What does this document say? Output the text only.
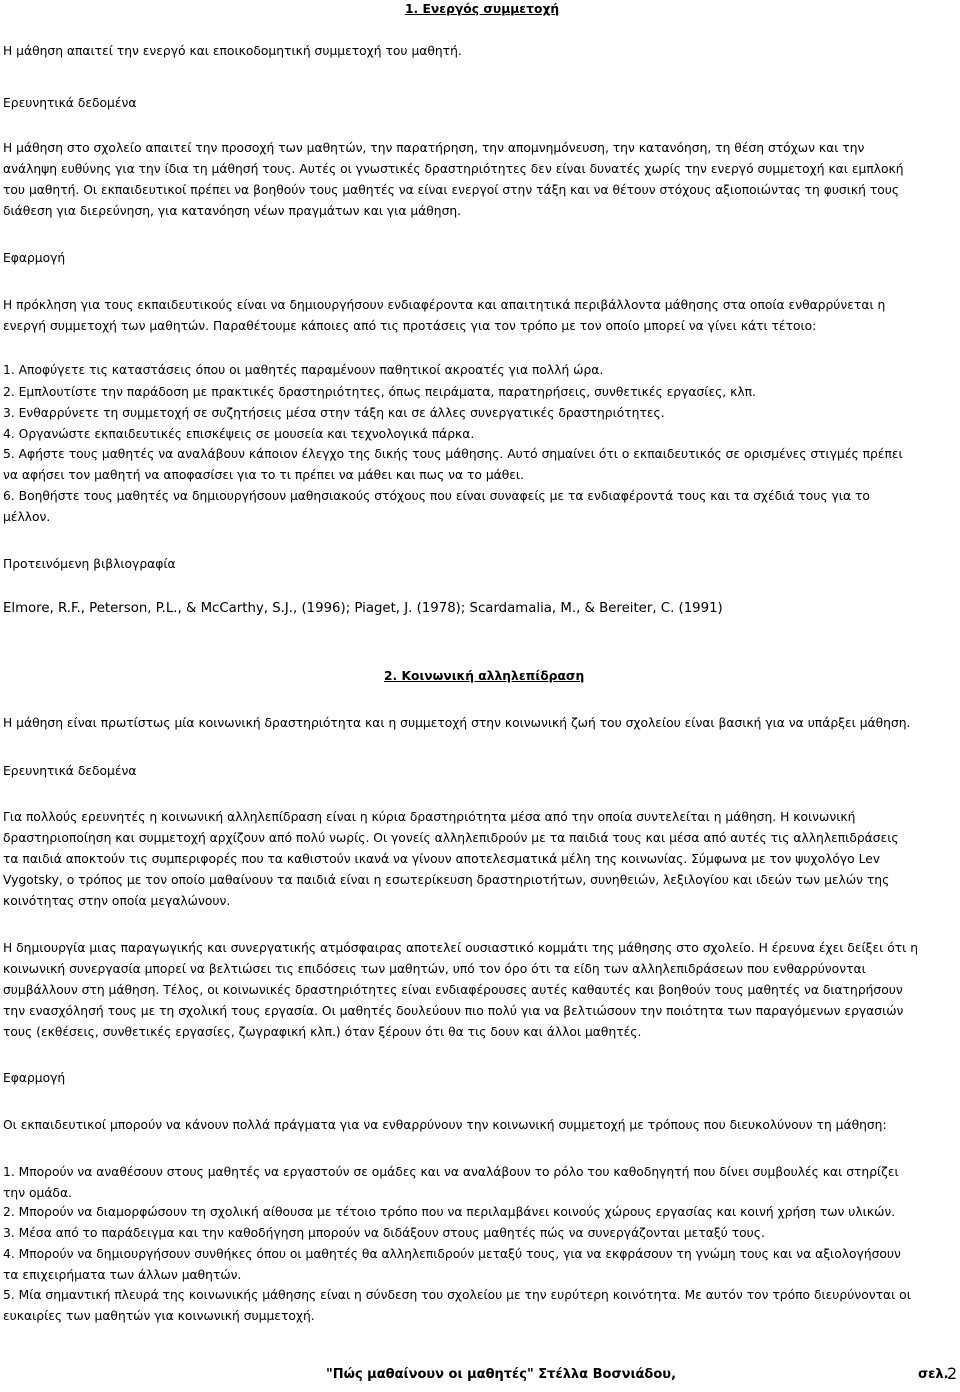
1. Ενεργός συμμετοχή
Η μάθηση απαιτεί την ενεργό και εποικοδομητική συμμετοχή του μαθητή.
Ερευνητικά δεδομένα
Η μάθηση στο σχολείο απαιτεί την προσοχή των μαθητών, την παρατήρηση, την απομνημόνευση, την κατανόηση, τη θέση στόχων και την
ανάληψη ευθύνης για την ίδια τη μάθησή τους. Αυτές οι γνωστικές δραστηριότητες δεν είναι δυνατές χωρίς την ενεργό συμμετοχή και εμπλοκή
του μαθητή. Οι εκπαιδευτικοί πρέπει να βοηθούν τους μαθητές να είναι ενεργοί στην τάξη και να θέτουν στόχους αξιοποιώντας τη φυσική τους
διάθεση για διερεύνηση, για κατανόηση νέων πραγμάτων και για μάθηση.
Εφαρμογή
Η πρόκληση για τους εκπαιδευτικούς είναι να δημιουργήσουν ενδιαφέροντα και απαιτητικά περιβάλλοντα μάθησης στα οποία ενθαρρύνεται η
ενεργή συμμετοχή των μαθητών. Παραθέτουμε κάποιες από τις προτάσεις για τον τρόπο με τον οποίο μπορεί να γίνει κάτι τέτοιο:
1. Αποφύγετε τις καταστάσεις όπου οι μαθητές παραμένουν παθητικοί ακροατές για πολλή ώρα.
2. Εμπλουτίστε την παράδοση με πρακτικές δραστηριότητες, όπως πειράματα, παρατηρήσεις, συνθετικές εργασίες, κλπ.
3. Ενθαρρύνετε τη συμμετοχή σε συζητήσεις μέσα στην τάξη και σε άλλες συνεργατικές δραστηριότητες.
4. Οργανώστε εκπαιδευτικές επισκέψεις σε μουσεία και τεχνολογικά πάρκα.
5. Αφήστε τους μαθητές να αναλάβουν κάποιον έλεγχο της δικής τους μάθησης. Αυτό σημαίνει ότι ο εκπαιδευτικός σε ορισμένες στιγμές πρέπει
να αφήσει τον μαθητή να αποφασίσει για το τι πρέπει να μάθει και πως να το μάθει.
6. Βοηθήστε τους μαθητές να δημιουργήσουν μαθησιακούς στόχους που είναι συναφείς με τα ενδιαφέροντά τους και τα σχέδιά τους για το
μέλλον.
Προτεινόμενη βιβλιογραφία
Elmore, R.F., Peterson, P.L., & McCarthy, S.J., (1996); Piaget, J. (1978); Scardamalia, M., & Bereiter, C. (1991)
2. Κοινωνική αλληλεπίδραση
Η μάθηση είναι πρωτίστως μία κοινωνική δραστηριότητα και η συμμετοχή στην κοινωνική ζωή του σχολείου είναι βασική για να υπάρξει μάθηση.
Ερευνητικά δεδομένα
Για πολλούς ερευνητές η κοινωνική αλληλεπίδραση είναι η κύρια δραστηριότητα μέσα από την οποία συντελείται η μάθηση. Η κοινωνική
δραστηριοποίηση και συμμετοχή αρχίζουν από πολύ νωρίς. Οι γονείς αλληλεπιδρούν με τα παιδιά τους και μέσα από αυτές τις αλληλεπιδράσεις
τα παιδιά αποκτούν τις συμπεριφορές που τα καθιστούν ικανά να γίνουν αποτελεσματικά μέλη της κοινωνίας. Σύμφωνα με τον ψυχολόγο Lev
Vygotsky, ο τρόπος με τον οποίο μαθαίνουν τα παιδιά είναι η εσωτερίκευση δραστηριοτήτων, συνηθειών, λεξιλογίου και ιδεών των μελών της
κοινότητας στην οποία μεγαλώνουν.
Η δημιουργία μιας παραγωγικής και συνεργατικής ατμόσφαιρας αποτελεί ουσιαστικό κομμάτι της μάθησης στο σχολείο. Η έρευνα έχει δείξει ότι η
κοινωνική συνεργασία μπορεί να βελτιώσει τις επιδόσεις των μαθητών, υπό τον όρο ότι τα είδη των αλληλεπιδράσεων που ενθαρρύνονται
συμβάλλουν στη μάθηση. Τέλος, οι κοινωνικές δραστηριότητες είναι ενδιαφέρουσες αυτές καθαυτές και βοηθούν τους μαθητές να διατηρήσουν
την ενασχόλησή τους με τη σχολική τους εργασία. Οι μαθητές δουλεύουν πιο πολύ για να βελτιώσουν την ποιότητα των παραγόμενων εργασιών
τους (εκθέσεις, συνθετικές εργασίες, ζωγραφική κλπ.) όταν ξέρουν ότι θα τις δουν και άλλοι μαθητές.
Εφαρμογή
Οι εκπαιδευτικοί μπορούν να κάνουν πολλά πράγματα για να ενθαρρύνουν την κοινωνική συμμετοχή με τρόπους που διευκολύνουν τη μάθηση:
1. Μπορούν να αναθέσουν στους μαθητές να εργαστούν σε ομάδες και να αναλάβουν το ρόλο του καθοδηγητή που δίνει συμβουλές και στηρίζει
την ομάδα.
2. Μπορούν να διαμορφώσουν τη σχολική αίθουσα με τέτοιο τρόπο που να περιλαμβάνει κοινούς χώρους εργασίας και κοινή χρήση των υλικών.
3. Μέσα από το παράδειγμα και την καθοδήγηση μπορούν να διδάξουν στους μαθητές πώς να συνεργάζονται μεταξύ τους.
4. Μπορούν να δημιουργήσουν συνθήκες όπου οι μαθητές θα αλληλεπιδρούν μεταξύ τους, για να εκφράσουν τη γνώμη τους και να αξιολογήσουν
τα επιχειρήματα των άλλων μαθητών.
5. Μία σημαντική πλευρά της κοινωνικής μάθησης είναι η σύνδεση του σχολείου με την ευρύτερη κοινότητα. Με αυτόν τον τρόπο διευρύνονται οι
ευκαιρίες των μαθητών για κοινωνική συμμετοχή.
"Πώς μαθαίνουν οι μαθητές" Στέλλα Βοσνιάδου,	σελ.
2
